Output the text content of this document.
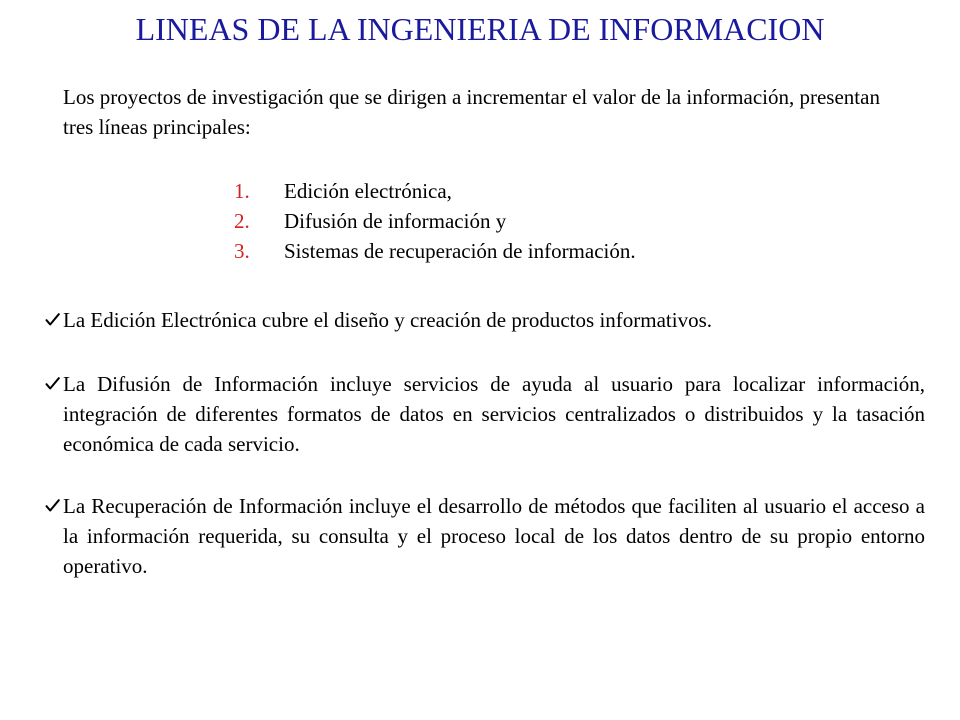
LINEAS DE LA INGENIERIA DE INFORMACION
Los proyectos de investigación que se dirigen a incrementar el valor de la información, presentan tres líneas principales:
1.	Edición electrónica,
2.	Difusión de información y
3.	Sistemas de recuperación de información.
La Edición Electrónica cubre el diseño y creación de productos informativos.
La Difusión de Información incluye servicios de ayuda al usuario para localizar información, integración de diferentes formatos de datos en servicios centralizados o distribuidos y la tasación económica de cada servicio.
La Recuperación de Información incluye el desarrollo de métodos que faciliten al usuario el acceso a la información requerida, su consulta y el proceso local de los datos dentro de su propio entorno operativo.
